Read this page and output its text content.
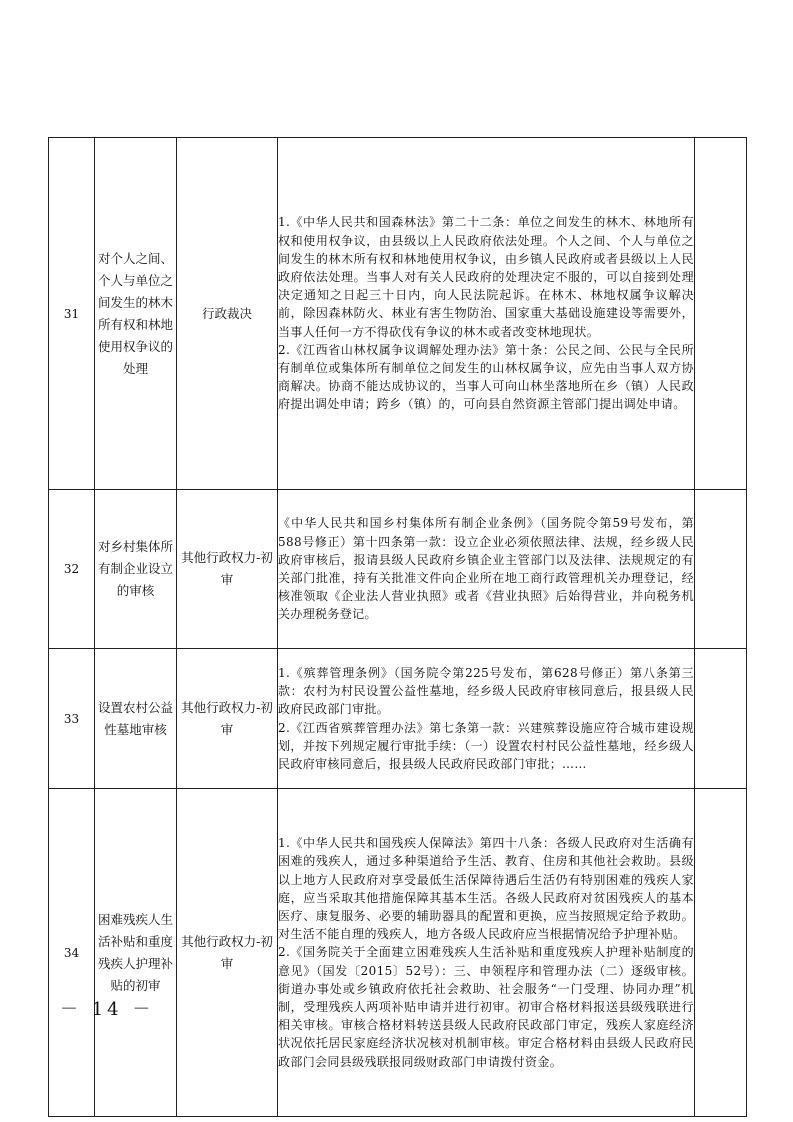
31	对个人之间、个人与单位之间发生的林木所有权和林地使用权争议的处理	行政裁决	1.《中华人民共和国森林法》第二十二条：单位之间发生的林木、林地所有权和使用权争议，由县级以上人民政府依法处理。个人之间、个人与单位之间发生的林木所有权和林地使用权争议，由乡镇人民政府或者县级以上人民政府依法处理。当事人对有关人民政府的处理决定不服的，可以自接到处理决定通知之日起三十日内，向人民法院起诉。在林木、林地权属争议解决前，除因森林防火、林业有害生物防治、国家重大基础设施建设等需要外，当事人任何一方不得砍伐有争议的林木或者改变林地现状。

2.《江西省山林权属争议调解处理办法》第十条：公民之间、公民与全民所有制单位或集体所有制单位之间发生的山林权属争议，应先由当事人双方协商解决。协商不能达成协议的，当事人可向山林坐落地所在乡（镇）人民政府提出调处申请；跨乡（镇）的，可向县自然资源主管部门提出调处申请。	

32	对乡村集体所有制企业设立的审核	其他行政权力-初审	《中华人民共和国乡村集体所有制企业条例》（国务院令第59号发布，第588号修正）第十四条第一款：设立企业必须依照法律、法规，经乡级人民政府审核后，报请县级人民政府乡镇企业主管部门以及法律、法规规定的有关部门批准，持有关批准文件向企业所在地工商行政管理机关办理登记，经核准领取《企业法人营业执照》或者《营业执照》后始得营业，并向税务机关办理税务登记。	

33	设置农村公益性墓地审核	其他行政权力-初审	1.《殡葬管理条例》（国务院令第225号发布，第628号修正）第八条第三款：农村为村民设置公益性墓地，经乡级人民政府审核同意后，报县级人民政府民政部门审批。

2.《江西省殡葬管理办法》第七条第一款：兴建殡葬设施应符合城市建设规划，并按下列规定履行审批手续：（一）设置农村村民公益性墓地，经乡级人民政府审核同意后，报县级人民政府民政部门审批；……	

34	困难残疾人生活补贴和重度残疾人护理补贴的初审	其他行政权力-初审	1.《中华人民共和国残疾人保障法》第四十八条：各级人民政府对生活确有困难的残疾人，通过多种渠道给予生活、教育、住房和其他社会救助。县级以上地方人民政府对享受最低生活保障待遇后生活仍有特别困难的残疾人家庭，应当采取其他措施保障其基本生活。各级人民政府对贫困残疾人的基本医疗、康复服务、必要的辅助器具的配置和更换，应当按照规定给予救助。对生活不能自理的残疾人，地方各级人民政府应当根据情况给予护理补贴。

2.《国务院关于全面建立困难残疾人生活补贴和重度残疾人护理补贴制度的意见》（国发〔2015〕52号）：三、申领程序和管理办法（二）逐级审核。街道办事处或乡镇政府依托社会救助、社会服务“一门受理、协同办理”机制，受理残疾人两项补贴申请并进行初审。初审合格材料报送县级残联进行相关审核。审核合格材料转送县级人民政府民政部门审定，残疾人家庭经济状况依托居民家庭经济状况核对机制审核。审定合格材料由县级人民政府民政部门会同县级残联报同级财政部门申请拨付资金。	

－ 14 －
